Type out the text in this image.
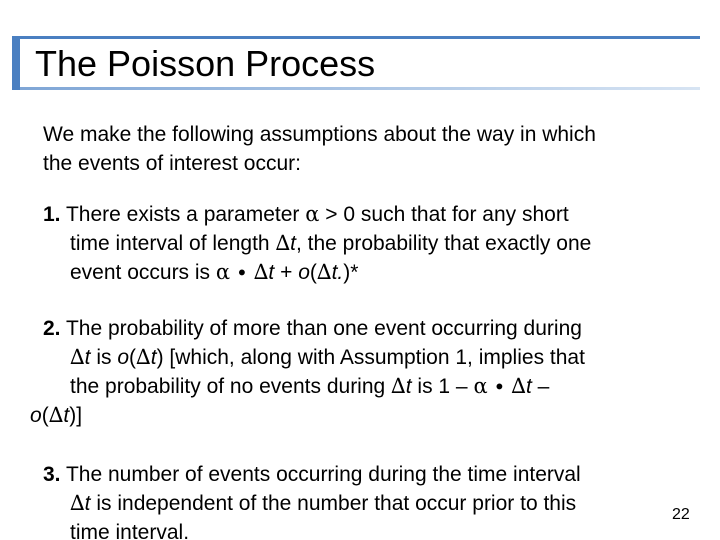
The Poisson Process
We make the following assumptions about the way in which
the events of interest occur:
1. There exists a parameter α > 0 such that for any short
time interval of length ∆t, the probability that exactly one
event occurs is α ∙ ∆t + o(∆t.)*
2. The probability of more than one event occurring during
∆t is o(∆t) [which, along with Assumption 1, implies that
the probability of no events during ∆t is 1 – α ∙ ∆t –
o(∆t)]
3. The number of events occurring during the time interval
∆t is independent of the number that occur prior to this
time interval.
22
